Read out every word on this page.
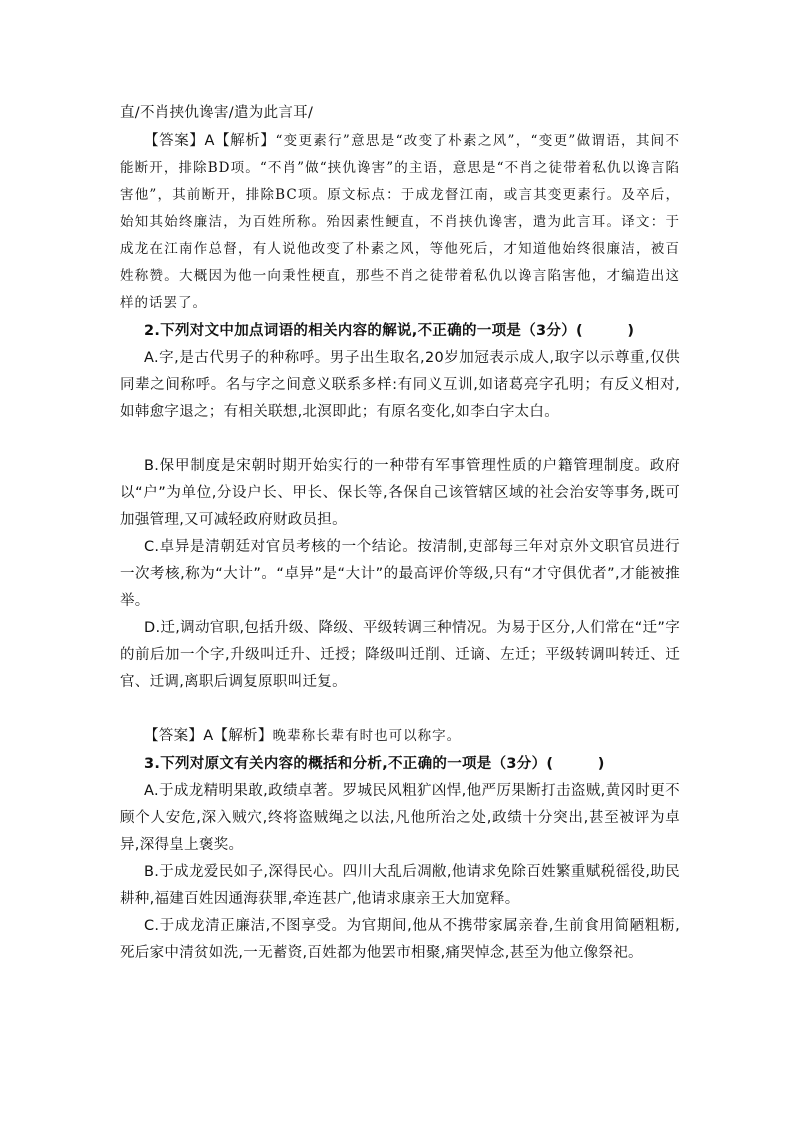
直/不肖挟仇谗害/遣为此言耳/

【答案】A【解析】“变更素行”意思是“改变了朴素之风”，“变更”做谓语，其间不能断开，排除BD项。“不肖”做“挟仇谗害”的主语，意思是“不肖之徒带着私仇以谗言陷害他”，其前断开，排除BC项。原文标点：于成龙督江南，或言其变更素行。及卒后，始知其始终廉洁，为百姓所称。殆因素性鲠直，不肖挟仇谗害，遣为此言耳。译文：于成龙在江南作总督，有人说他改变了朴素之风，等他死后，才知道他始终很廉洁，被百姓称赞。大概因为他一向秉性梗直，那些不肖之徒带着私仇以谗言陷害他，才编造出这样的话罢了。

2.下列对文中加点词语的相关内容的解说,不正确的一项是（3分）(　　　)

A.字,是古代男子的种称呼。男子出生取名,20岁加冠表示成人,取字以示尊重,仅供同辈之间称呼。名与字之间意义联系多样:有同义互训,如诸葛亮字孔明；有反义相对,如韩愈字退之；有相关联想,北溟即此；有原名变化,如李白字太白。

B.保甲制度是宋朝时期开始实行的一种带有军事管理性质的户籍管理制度。政府以“户”为单位,分设户长、甲长、保长等,各保自己该管辖区域的社会治安等事务,既可加强管理,又可减轻政府财政员担。

C.卓异是清朝廷对官员考核的一个结论。按清制,吏部每三年对京外文职官员进行一次考核,称为“大计”。“卓异”是“大计”的最高评价等级,只有“才守俱优者”,才能被推举。

D.迁,调动官职,包括升级、降级、平级转调三种情况。为易于区分,人们常在“迁”字的前后加一个字,升级叫迁升、迁授；降级叫迁削、迁谪、左迁；平级转调叫转迁、迁官、迁调,离职后调复原职叫迁复。

【答案】A【解析】晚辈称长辈有时也可以称字。

3.下列对原文有关内容的概括和分析,不正确的一项是（3分）(　　　)

A.于成龙精明果敢,政绩卓著。罗城民风粗犷凶悍,他严厉果断打击盗贼,黄冈时更不顾个人安危,深入贼穴,终将盗贼绳之以法,凡他所治之处,政绩十分突出,甚至被评为卓异,深得皇上褒奖。

B.于成龙爱民如子,深得民心。四川大乱后凋敝,他请求免除百姓繁重赋税徭役,助民耕种,福建百姓因通海获罪,牵连甚广,他请求康亲王大加宽释。

C.于成龙清正廉洁,不图享受。为官期间,他从不携带家属亲眷,生前食用简陋粗粝,死后家中清贫如洗,一无蓄资,百姓都为他罢市相聚,痛哭悼念,甚至为他立像祭祀。
